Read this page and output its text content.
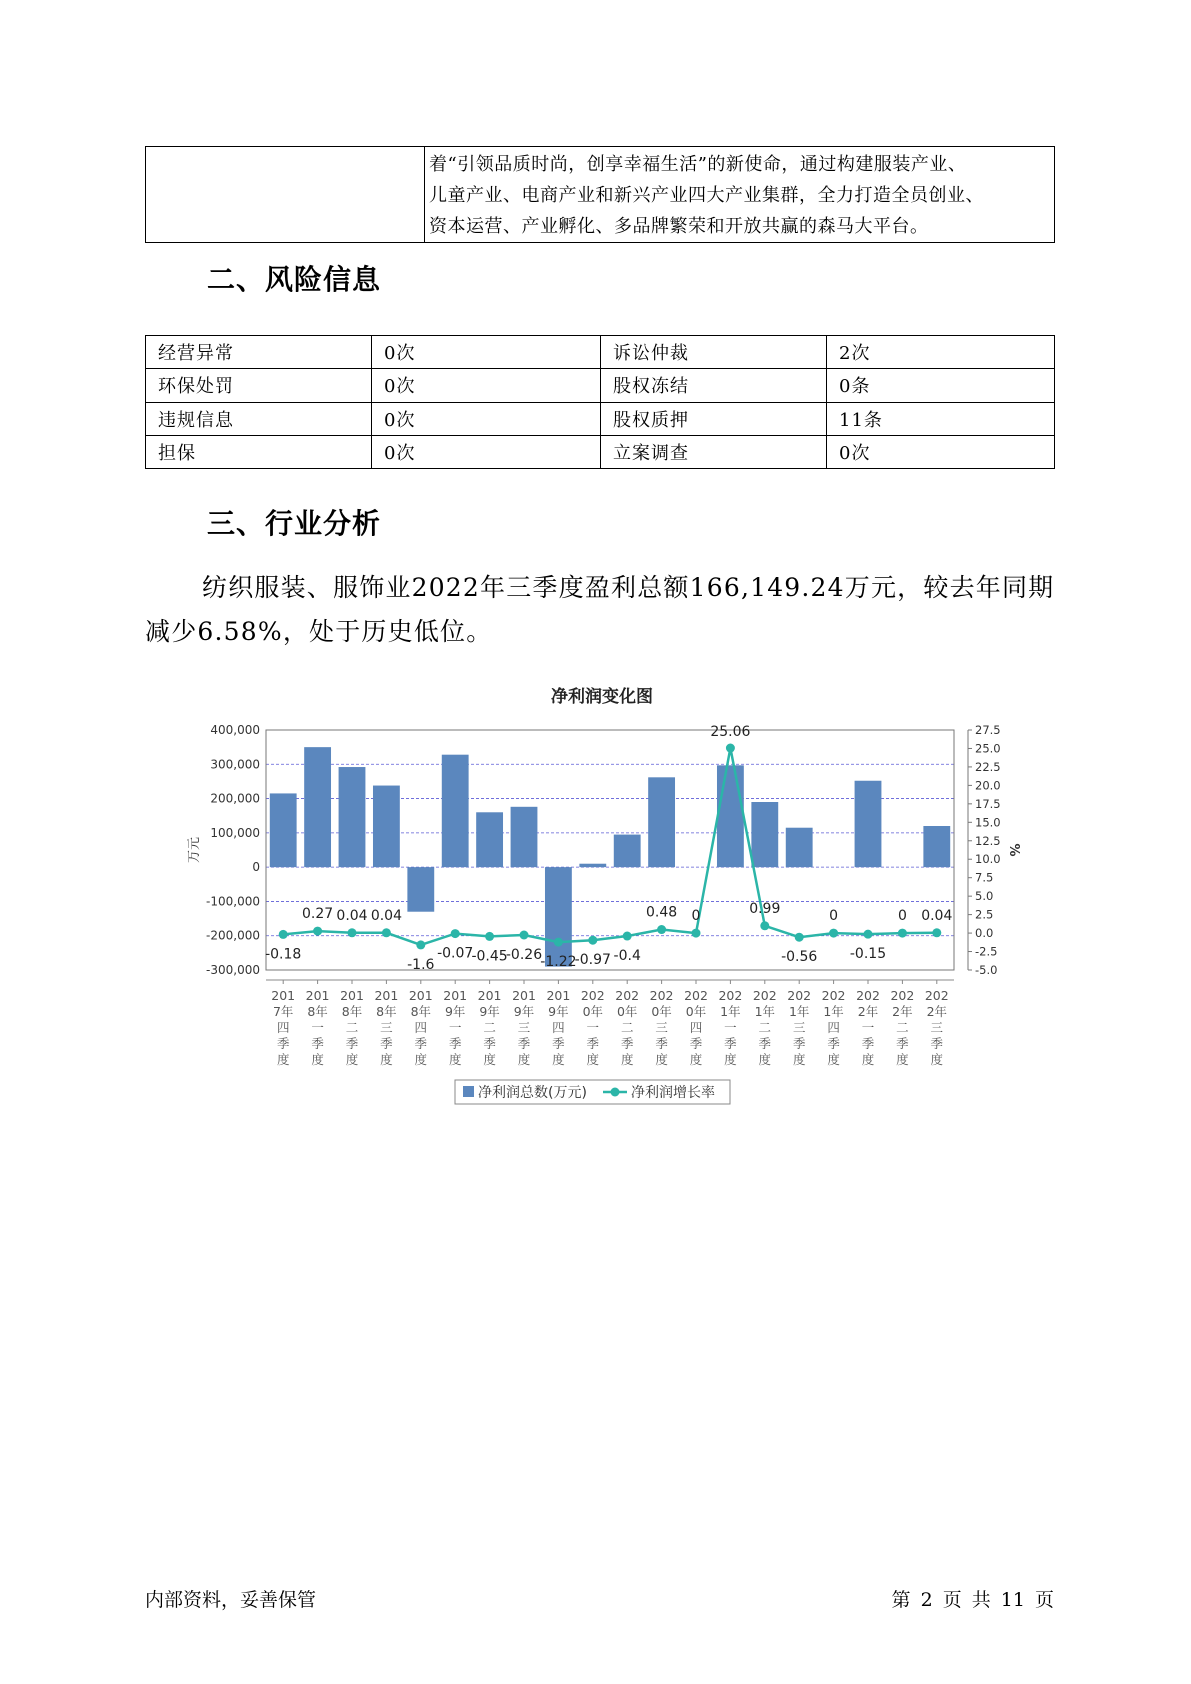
着“引领品质时尚，创享幸福生活”的新使命，通过构建服装产业、
儿童产业、电商产业和新兴产业四大产业集群，全力打造全员创业、
资本运营、产业孵化、多品牌繁荣和开放共赢的森马大平台。
二、风险信息
经营异常	0次	诉讼仲裁	2次
环保处罚	0次	股权冻结	0条
违规信息	0次	股权质押	11条
担保	0次	立案调查	0次
三、行业分析

纺织服装、服饰业2022年三季度盈利总额166,149.24万元，较去年同期减少6.58%，处于历史低位。

净利润变化图
-0.18
0.27 0.04 0.04
-1.6
-0.07
-0.45
-0.26
-1.22
-0.97 -0.4
0.48 0
25.06
0.99
-0.56
0
-0.15
0 0.04
400,000
300,000
200,000
100,000
0
-100,000
-200,000
-300,000
27.5
25.0
22.5
20.0
17.5
15.0
12.5
10.0
7.5
5.0
2.5
0.0
-2.5
-5.0
201 7年四季度
201 8年一季度
201 8年二季度
201 8年三季度
201 8年四季度
201 9年一季度
201 9年二季度
201 9年三季度
201 9年四季度
202 0年一季度
202 0年二季度
202 0年三季度
202 0年四季度
202 1年一季度
202 1年二季度
202 1年三季度
202 1年四季度
202 2年一季度
202 2年二季度
202 2年三季度
万元	%
净利润总数(万元)	净利润增长率
内部资料，妥善保管	第 2 页 共 11 页
